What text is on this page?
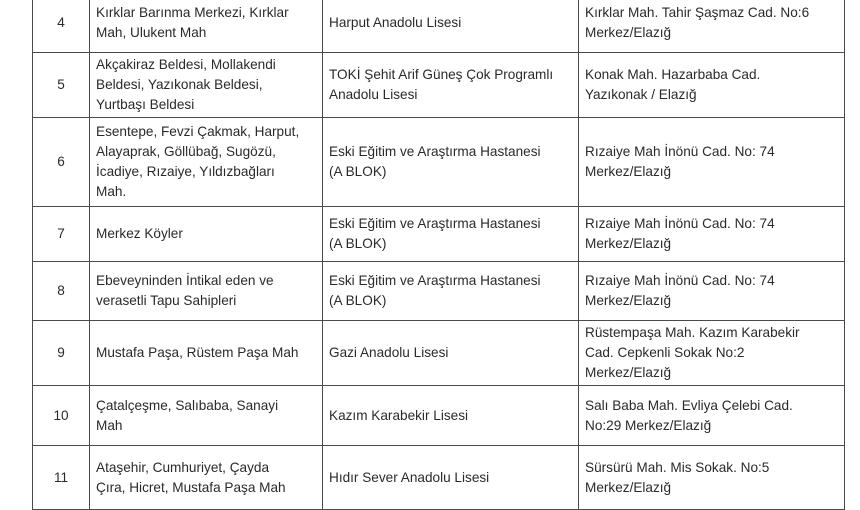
4	Kırklar Barınma Merkezi, Kırklar
Mah, Ulukent Mah	Harput Anadolu Lisesi	Kırklar Mah. Tahir Şaşmaz Cad. No:6
Merkez/Elazığ

5	Akçakiraz Beldesi, Mollakendi
Beldesi, Yazıkonak Beldesi,
Yurtbaşı Beldesi	TOKİ Şehit Arif Güneş Çok Programlı
Anadolu Lisesi	Konak Mah. Hazarbaba Cad.
Yazıkonak / Elazığ

6	Esentepe, Fevzi Çakmak, Harput,
Alayaprak, Göllübağ, Sugözü,
İcadiye, Rızaiye, Yıldızbağları
Mah.	Eski Eğitim ve Araştırma Hastanesi
(A BLOK)	Rızaiye Mah İnönü Cad. No: 74
Merkez/Elazığ

7	Merkez Köyler	Eski Eğitim ve Araştırma Hastanesi
(A BLOK)	Rızaiye Mah İnönü Cad. No: 74
Merkez/Elazığ

8	Ebeveyninden İntikal eden ve
verasetli Tapu Sahipleri	Eski Eğitim ve Araştırma Hastanesi
(A BLOK)	Rızaiye Mah İnönü Cad. No: 74
Merkez/Elazığ

9	Mustafa Paşa, Rüstem Paşa Mah	Gazi Anadolu Lisesi	Rüstempaşa Mah. Kazım Karabekir
Cad. Cepkenli Sokak No:2
Merkez/Elazığ

10	Çatalçeşme, Salıbaba, Sanayi
Mah	Kazım Karabekir Lisesi	Salı Baba Mah. Evliya Çelebi Cad.
No:29 Merkez/Elazığ

11	Ataşehir, Cumhuriyet, Çayda
Çıra, Hicret, Mustafa Paşa Mah	Hıdır Sever Anadolu Lisesi	Sürsürü Mah. Mis Sokak. No:5
Merkez/Elazığ
